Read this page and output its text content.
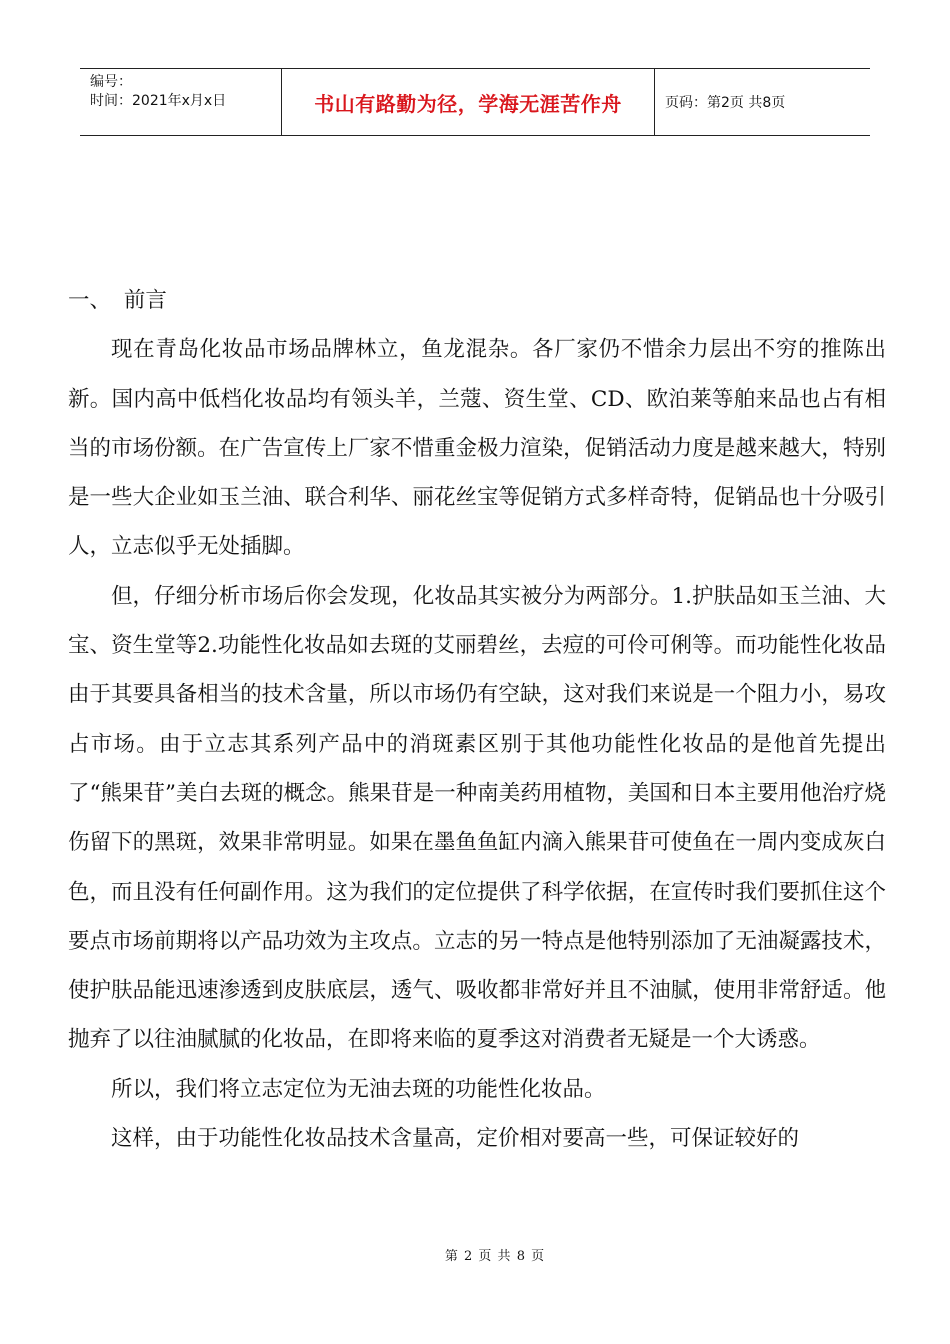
编号：
时间：2021年x月x日	书山有路勤为径，学海无涯苦作舟	页码：第2页 共8页

一、 前言

现在青岛化妆品市场品牌林立，鱼龙混杂。各厂家仍不惜余力层出不穷的推陈出新。国内高中低档化妆品均有领头羊，兰蔻、资生堂、CD、欧泊莱等舶来品也占有相当的市场份额。在广告宣传上厂家不惜重金极力渲染，促销活动力度是越来越大，特别是一些大企业如玉兰油、联合利华、丽花丝宝等促销方式多样奇特，促销品也十分吸引人，立志似乎无处插脚。

但，仔细分析市场后你会发现，化妆品其实被分为两部分。1.护肤品如玉兰油、大宝、资生堂等2.功能性化妆品如去斑的艾丽碧丝，去痘的可伶可俐等。而功能性化妆品由于其要具备相当的技术含量，所以市场仍有空缺，这对我们来说是一个阻力小，易攻占市场。由于立志其系列产品中的消斑素区别于其他功能性化妆品的是他首先提出了“熊果苷”美白去斑的概念。熊果苷是一种南美药用植物，美国和日本主要用他治疗烧伤留下的黑斑，效果非常明显。如果在墨鱼鱼缸内滴入熊果苷可使鱼在一周内变成灰白色，而且没有任何副作用。这为我们的定位提供了科学依据，在宣传时我们要抓住这个要点市场前期将以产品功效为主攻点。立志的另一特点是他特别添加了无油凝露技术，使护肤品能迅速渗透到皮肤底层，透气、吸收都非常好并且不油腻，使用非常舒适。他抛弃了以往油腻腻的化妆品，在即将来临的夏季这对消费者无疑是一个大诱惑。

所以，我们将立志定位为无油去斑的功能性化妆品。

这样，由于功能性化妆品技术含量高，定价相对要高一些，可保证较好的

第 2 页 共 8 页
